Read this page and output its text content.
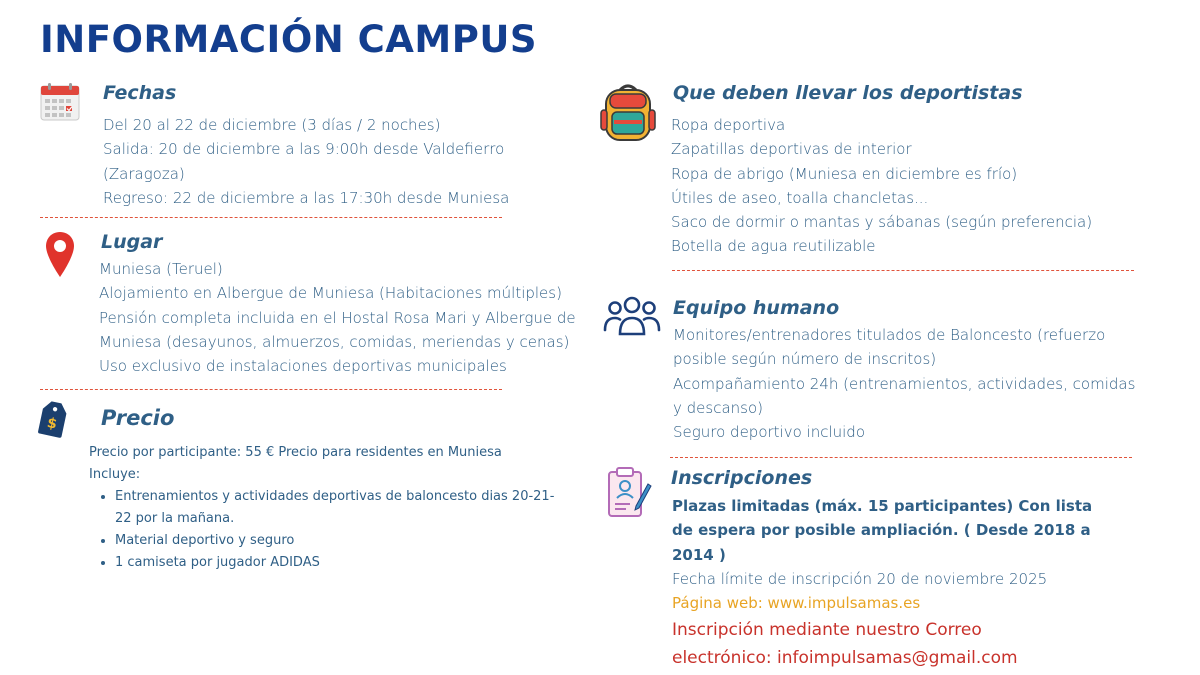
INFORMACIÓN CAMPUS
Fechas
Del 20 al 22 de diciembre (3 días / 2 noches)
Salida: 20 de diciembre a las 9:00h desde Valdefierro
(Zaragoza)
Regreso: 22 de diciembre a las 17:30h desde Muniesa
Lugar
Muniesa (Teruel)
Alojamiento en Albergue de Muniesa (Habitaciones múltiples)
Pensión completa incluida en el Hostal Rosa Mari y Albergue de
Muniesa (desayunos, almuerzos, comidas, meriendas y cenas)
Uso exclusivo de instalaciones deportivas municipales
$ Precio
Precio por participante: 55 € Precio para residentes en Muniesa
Incluye:
• Entrenamientos y actividades deportivas de baloncesto dias 20-21-22 por la mañana.
• Material deportivo y seguro
• 1 camiseta por jugador ADIDAS
Que deben llevar los deportistas
Ropa deportiva
Zapatillas deportivas de interior
Ropa de abrigo (Muniesa en diciembre es frío)
Útiles de aseo, toalla chancletas...
Saco de dormir o mantas y sábanas (según preferencia)
Botella de agua reutilizable
Equipo humano
Monitores/entrenadores titulados de Baloncesto (refuerzo
posible según número de inscritos)
Acompañamiento 24h (entrenamientos, actividades, comidas
y descanso)
Seguro deportivo incluido
Inscripciones
Plazas limitadas (máx. 15 participantes) Con lista
de espera por posible ampliación. ( Desde 2018 a
2014 )
Fecha límite de inscripción 20 de noviembre 2025
Página web: www.impulsamas.es
Inscripción mediante nuestro Correo
electrónico: infoimpulsamas@gmail.com
